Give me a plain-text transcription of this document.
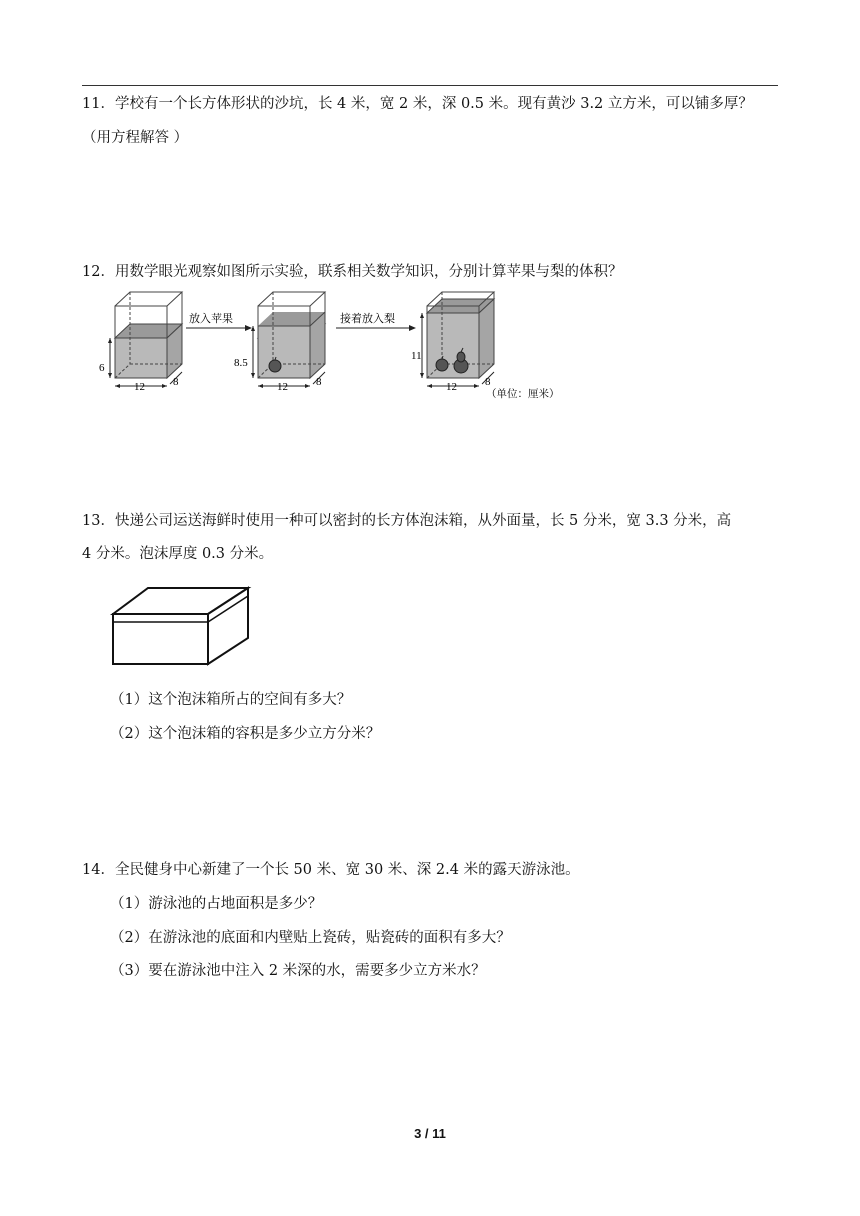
11．学校有一个长方体形状的沙坑，长 4 米，宽 2 米，深 0.5 米。现有黄沙 3.2 立方米，可以铺多厚？
（用方程解答 ）
12．用数学眼光观察如图所示实验，联系相关数学知识，分别计算苹果与梨的体积？
6
12	8
放入苹果
8.5
12	8
接着放入梨
11
12	8
（单位：厘米）
13．快递公司运送海鲜时使用一种可以密封的长方体泡沫箱，从外面量，长 5 分米，宽 3.3 分米，高
4 分米。泡沫厚度 0.3 分米。
（1）这个泡沫箱所占的空间有多大？
（2）这个泡沫箱的容积是多少立方分米？
14．全民健身中心新建了一个长 50 米、宽 30 米、深 2.4 米的露天游泳池。
（1）游泳池的占地面积是多少？
（2）在游泳池的底面和内壁贴上瓷砖，贴瓷砖的面积有多大？
（3）要在游泳池中注入 2 米深的水，需要多少立方米水？
3 / 11
